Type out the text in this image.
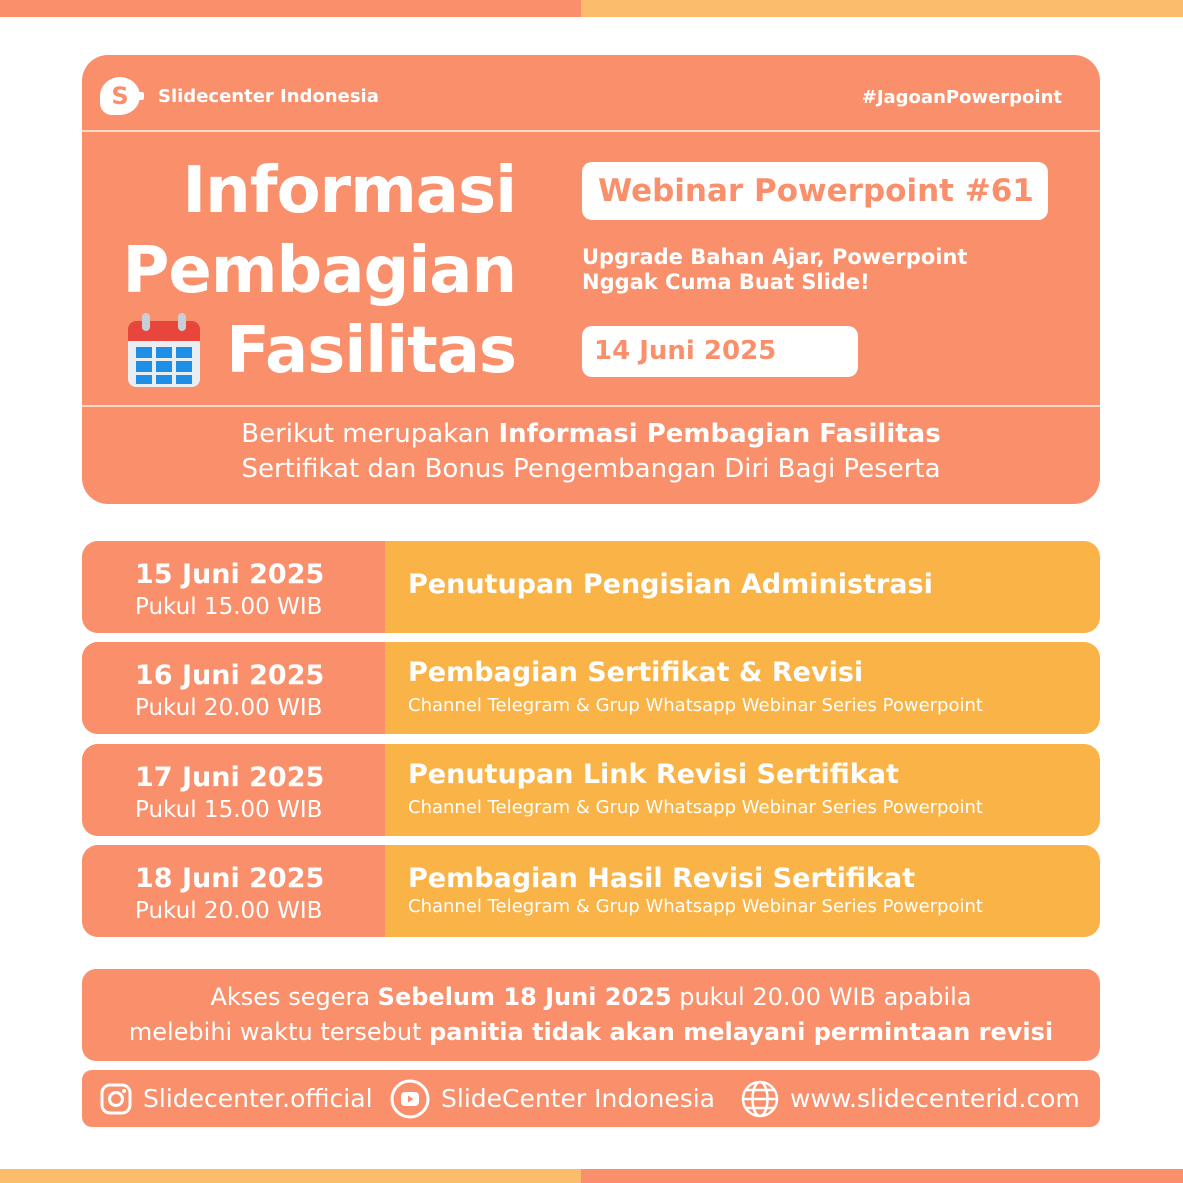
S Slidecenter Indonesia	#JagoanPowerpoint
Informasi
Pembagian
Fasilitas
Webinar Powerpoint #61
Upgrade Bahan Ajar, Powerpoint
Nggak Cuma Buat Slide!
14 Juni 2025
Berikut merupakan Informasi Pembagian Fasilitas
Sertifikat dan Bonus Pengembangan Diri Bagi Peserta
15 Juni 2025
Pukul 15.00 WIB
Penutupan Pengisian Administrasi
16 Juni 2025
Pukul 20.00 WIB
Pembagian Sertifikat & Revisi
Channel Telegram & Grup Whatsapp Webinar Series Powerpoint
17 Juni 2025
Pukul 15.00 WIB
Penutupan Link Revisi Sertifikat
Channel Telegram & Grup Whatsapp Webinar Series Powerpoint
18 Juni 2025
Pukul 20.00 WIB
Pembagian Hasil Revisi Sertifikat
Channel Telegram & Grup Whatsapp Webinar Series Powerpoint
Akses segera Sebelum 18 Juni 2025 pukul 20.00 WIB apabila
melebihi waktu tersebut panitia tidak akan melayani permintaan revisi
Slidecenter.official	SlideCenter Indonesia	www.slidecenterid.com
